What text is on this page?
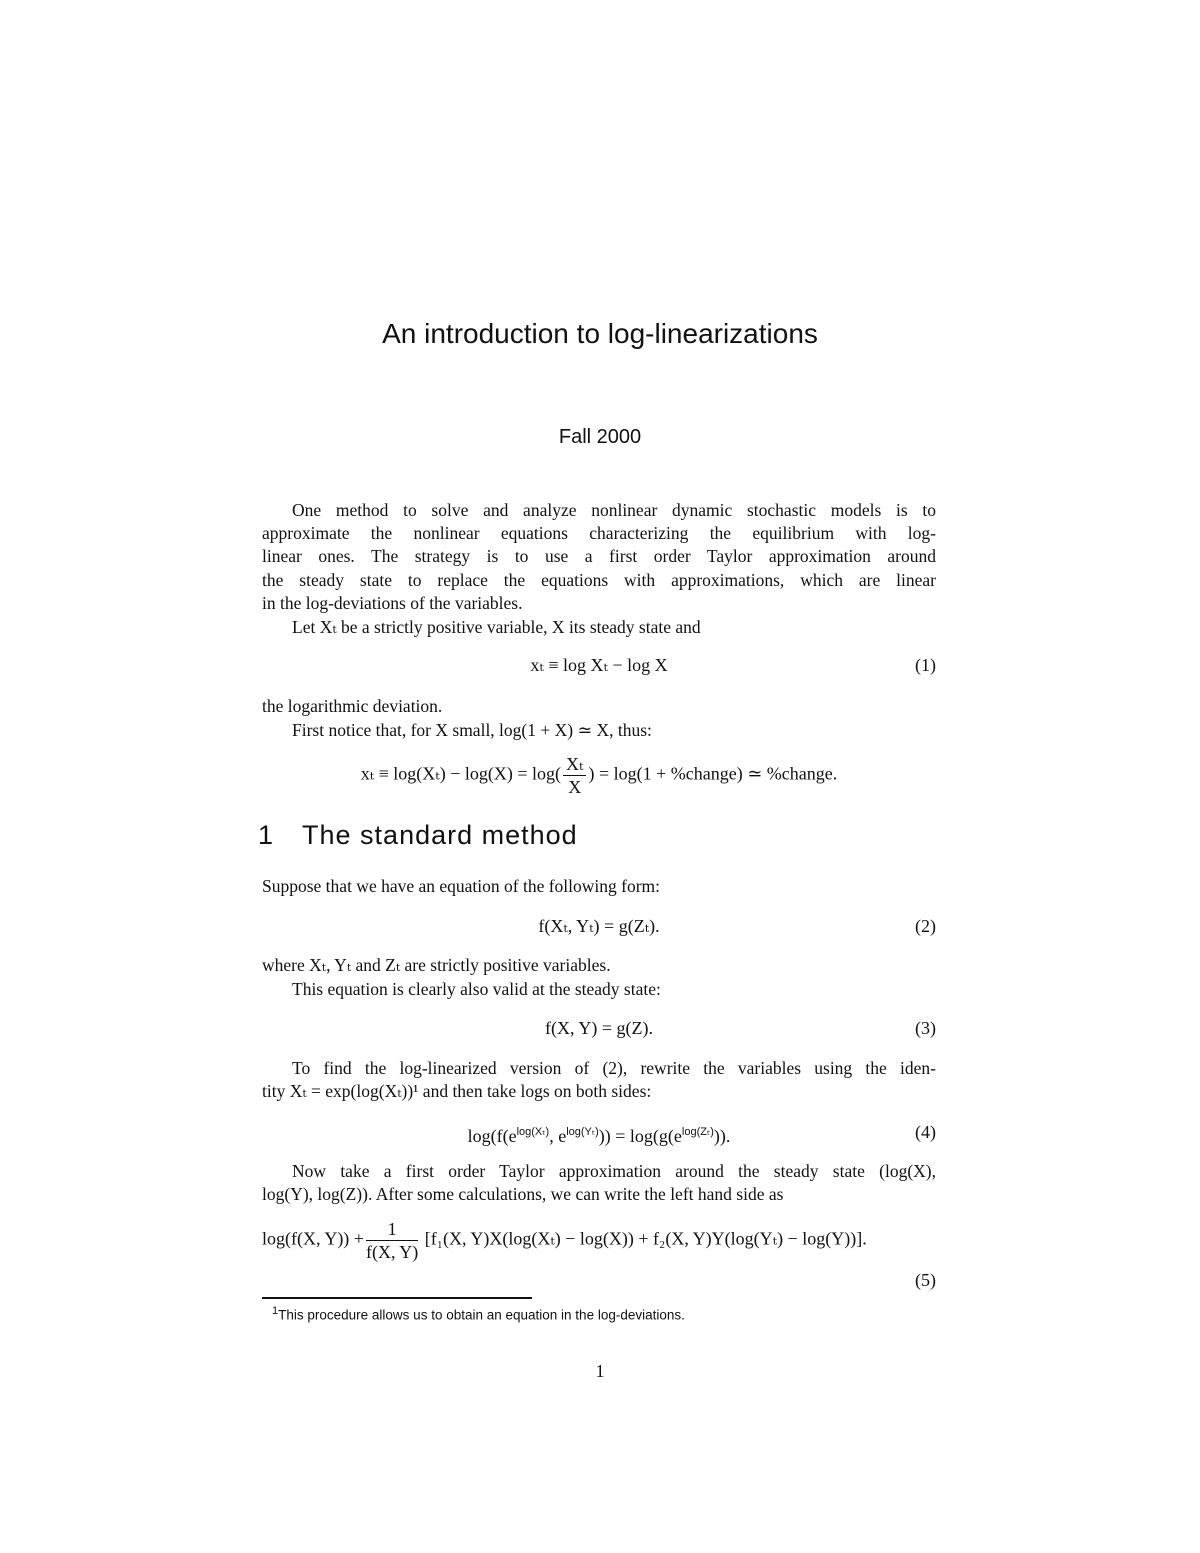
An introduction to log-linearizations
Fall 2000
One method to solve and analyze nonlinear dynamic stochastic models is to
approximate the nonlinear equations characterizing the equilibrium with log-
linear ones. The strategy is to use a first order Taylor approximation around
the steady state to replace the equations with approximations, which are linear
in the log-deviations of the variables.
Let Xₜ be a strictly positive variable, X its steady state and
xₜ ≡ log Xₜ − log X	(1)
the logarithmic deviation.
First notice that, for X small, log(1 + X) ≃ X, thus:
$x_t \equiv \log(X_t) - \log(X) = \log( \frac{\text{Xₜ}}{X}$ ) = log(1 + %change) ≃ %change.
1 The standard method
Suppose that we have an equation of the following form:
f(Xₜ, Yₜ) = g(Zₜ).	(2)
where Xₜ, Yₜ and Zₜ are strictly positive variables.
This equation is clearly also valid at the steady state:
f(X, Y) = g(Z).	(3)
To find the log-linearized version of (2), rewrite the variables using the iden-
tity Xₜ = exp(log(Xₜ))¹ and then take logs on both sides:
$\log(f(e^{log(X_t)}$, $e^{log(Y_t)})) = \log(g(e^{log(Z_t)}))$.	(4)
Now take a first order Taylor approximation around the steady state (log(X),
log(Y), log(Z)). After some calculations, we can write the left hand side as
log(f(X, $Y)) + \frac{1}{f(X, Y)} [f_1(X$, Y)X(log(Xₜ) − log(X)) + f₂(X, Y)Y(log(Yₜ) − log(Y))].
(5)
$^1$This procedure allows us to obtain an equation in the log-deviations.
1
